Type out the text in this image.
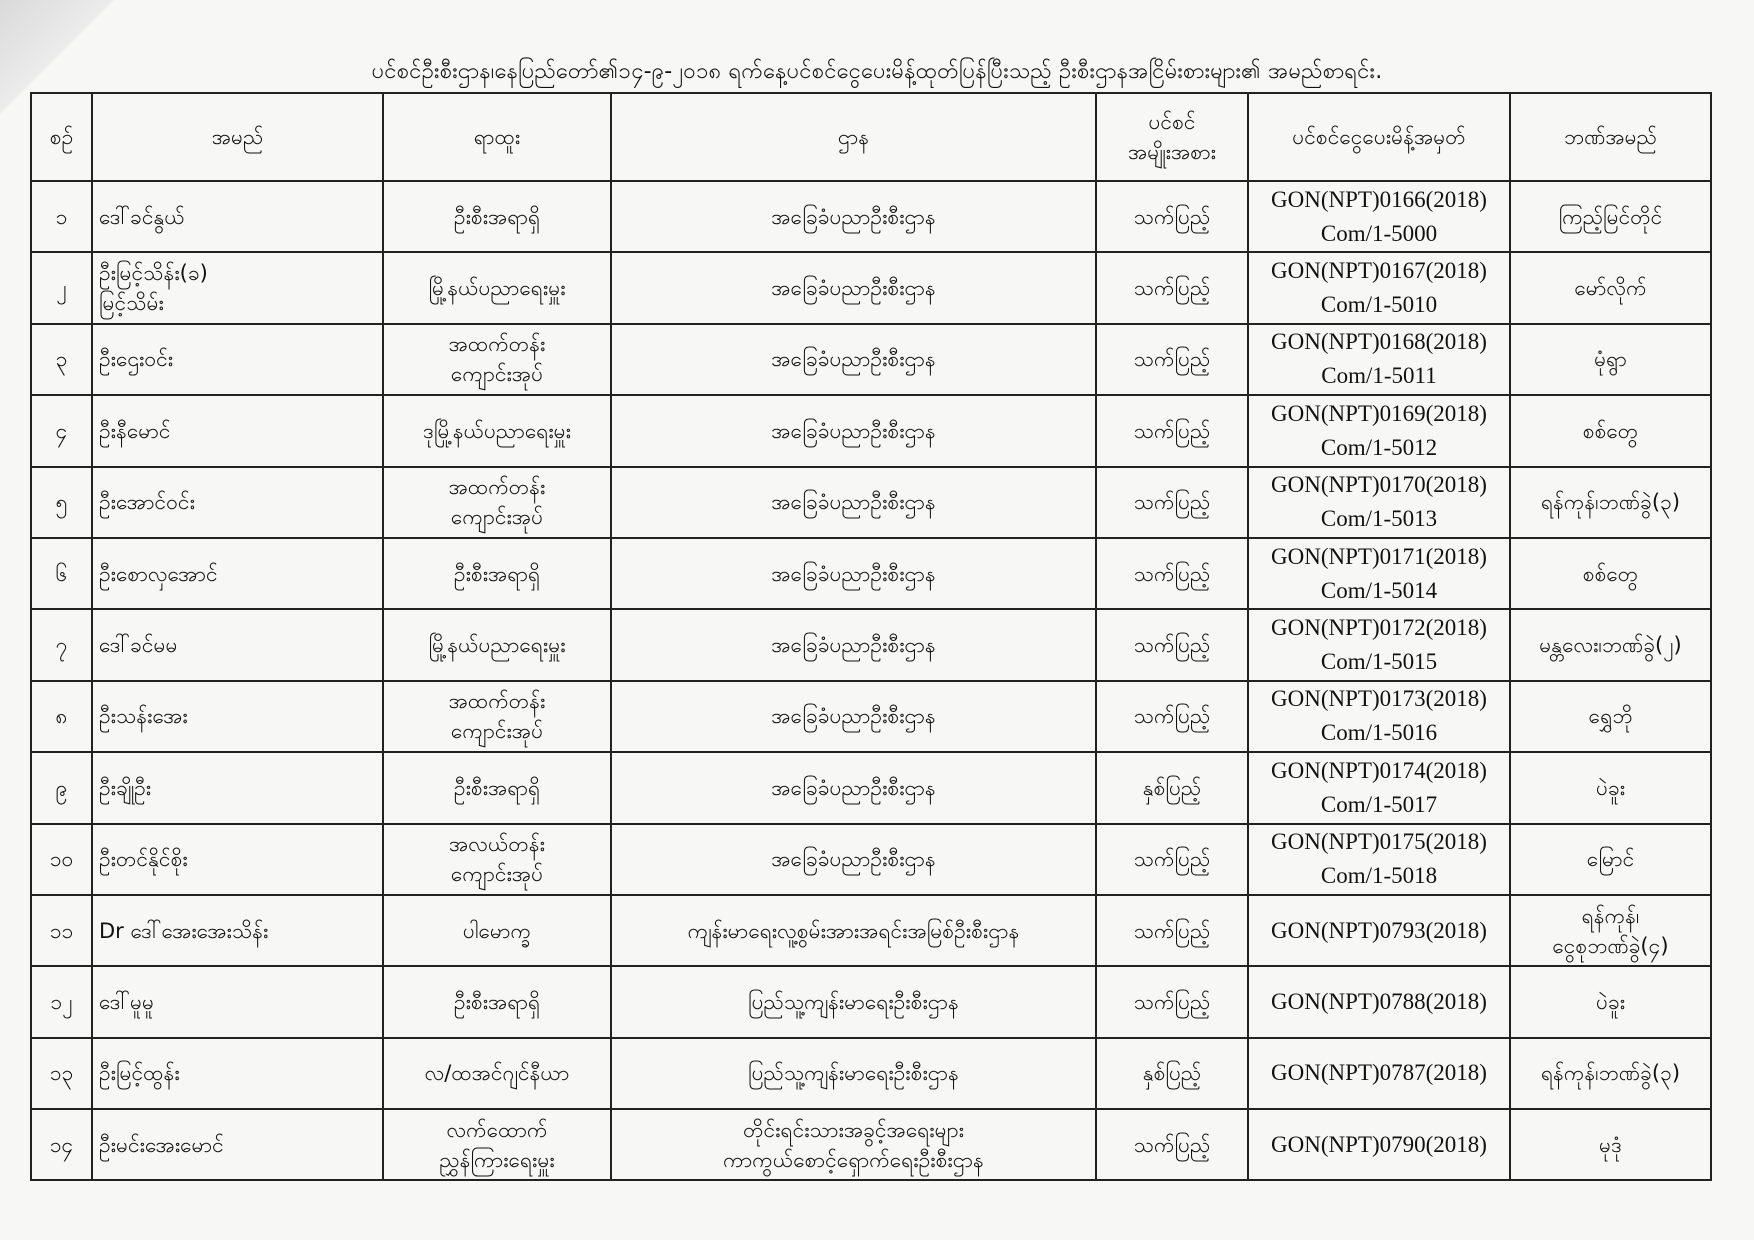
ပင်စင်ဦးစီးဌာန၊နေပြည်တော်၏၁၄-၉-၂၀၁၈ ရက်နေ့ပင်စင်ငွေပေးမိန့်ထုတ်ပြန်ပြီးသည့် ဦးစီးဌာနအငြိမ်းစားများ၏ အမည်စာရင်း.
စဉ်	အမည်	ရာထူး	ဌာန	ပင်စင်
အမျိုးအစား	ပင်စင်ငွေပေးမိန့်အမှတ်	ဘဏ်အမည်

၁	ဒေါ်ခင်နွယ်	ဦးစီးအရာရှိ	အခြေခံပညာဦးစီးဌာန	သက်ပြည့်	GON(NPT)0166(2018)
Com/1-5000	ကြည့်မြင်တိုင်

၂	ဦးမြင့်သိန်း(ခ)
မြင့်သိမ်း	မြို့နယ်ပညာရေးမှူး	အခြေခံပညာဦးစီးဌာန	သက်ပြည့်	GON(NPT)0167(2018)
Com/1-5010	မော်လိုက်

၃	ဦးဌေးဝင်း	အထက်တန်း
ကျောင်းအုပ်	အခြေခံပညာဦးစီးဌာန	သက်ပြည့်	GON(NPT)0168(2018)
Com/1-5011	မုံရွာ

၄	ဦးနီမောင်	ဒုမြို့နယ်ပညာရေးမှူး	အခြေခံပညာဦးစီးဌာန	သက်ပြည့်	GON(NPT)0169(2018)
Com/1-5012	စစ်တွေ

၅	ဦးအောင်ဝင်း	အထက်တန်း
ကျောင်းအုပ်	အခြေခံပညာဦးစီးဌာန	သက်ပြည့်	GON(NPT)0170(2018)
Com/1-5013	ရန်ကုန်၊ဘဏ်ခွဲ(၃)

၆	ဦးစောလှအောင်	ဦးစီးအရာရှိ	အခြေခံပညာဦးစီးဌာန	သက်ပြည့်	GON(NPT)0171(2018)
Com/1-5014	စစ်တွေ

၇	ဒေါ်ခင်မမ	မြို့နယ်ပညာရေးမှူး	အခြေခံပညာဦးစီးဌာန	သက်ပြည့်	GON(NPT)0172(2018)
Com/1-5015	မန္တလေး၊ဘဏ်ခွဲ(၂)

၈	ဦးသန်းအေး	အထက်တန်း
ကျောင်းအုပ်	အခြေခံပညာဦးစီးဌာန	သက်ပြည့်	GON(NPT)0173(2018)
Com/1-5016	ရွှေဘို

၉	ဦးချိုဦး	ဦးစီးအရာရှိ	အခြေခံပညာဦးစီးဌာန	နှစ်ပြည့်	GON(NPT)0174(2018)
Com/1-5017	ပဲခူး

၁၀	ဦးတင်နိုင်စိုး	အလယ်တန်း
ကျောင်းအုပ်	အခြေခံပညာဦးစီးဌာန	သက်ပြည့်	GON(NPT)0175(2018)
Com/1-5018	မြောင်

၁၁	Dr ဒေါ်အေးအေးသိန်း	ပါမောက္ခ	ကျန်းမာရေးလူ့စွမ်းအားအရင်းအမြစ်ဦးစီးဌာန	သက်ပြည့်	GON(NPT)0793(2018)	ရန်ကုန်၊
ငွေစုဘဏ်ခွဲ(၄)

၁၂	ဒေါ်မူမူ	ဦးစီးအရာရှိ	ပြည်သူ့ကျန်းမာရေးဦးစီးဌာန	သက်ပြည့်	GON(NPT)0788(2018)	ပဲခူး

၁၃	ဦးမြင့်ထွန်း	လ/ထအင်ဂျင်နီယာ	ပြည်သူ့ကျန်းမာရေးဦးစီးဌာန	နှစ်ပြည့်	GON(NPT)0787(2018)	ရန်ကုန်၊ဘဏ်ခွဲ(၃)

၁၄	ဦးမင်းအေးမောင်	လက်ထောက်
ညွှန်ကြားရေးမှူး	တိုင်းရင်းသားအခွင့်အရေးများ
ကာကွယ်စောင့်ရှောက်ရေးဦးစီးဌာန	သက်ပြည့်	GON(NPT)0790(2018)	မုဒုံ
